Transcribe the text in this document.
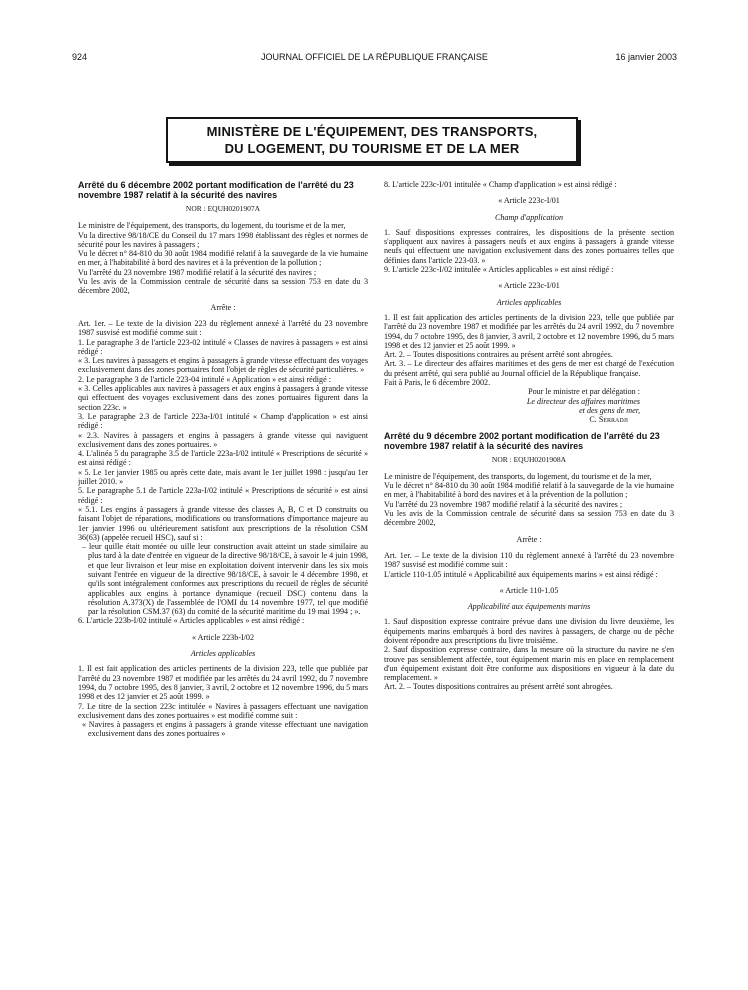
924	JOURNAL OFFICIEL DE LA RÉPUBLIQUE FRANÇAISE	16 janvier 2003
MINISTÈRE DE L'ÉQUIPEMENT, DES TRANSPORTS,
DU LOGEMENT, DU TOURISME ET DE LA MER
Arrêté du 6 décembre 2002 portant modification de l'arrêté du 23 novembre 1987 relatif à la sécurité des navires
NOR : EQUH0201907A
Le ministre de l'équipement, des transports, du logement, du tourisme et de la mer,
Vu la directive 98/18/CE du Conseil du 17 mars 1998 établissant des règles et normes de sécurité pour les navires à passagers ;
Vu le décret n° 84-810 du 30 août 1984 modifié relatif à la sauvegarde de la vie humaine en mer, à l'habitabilité à bord des navires et à la prévention de la pollution ;
Vu l'arrêté du 23 novembre 1987 modifié relatif à la sécurité des navires ;
Vu les avis de la Commission centrale de sécurité dans sa session 753 en date du 3 décembre 2002,
Arrête :
Art. 1er. – Le texte de la division 223 du règlement annexé à l'arrêté du 23 novembre 1987 susvisé est modifié comme suit :
1. Le paragraphe 3 de l'article 223-02 intitulé « Classes de navires à passagers » est ainsi rédigé :
« 3. Les navires à passagers et engins à passagers à grande vitesse effectuant des voyages exclusivement dans des zones portuaires font l'objet de règles de sécurité particulières. »
2. Le paragraphe 3 de l'article 223-04 intitulé « Application » est ainsi rédigé :
« 3. Celles applicables aux navires à passagers et aux engins à passagers à grande vitesse qui effectuent des voyages exclusivement dans des zones portuaires figurent dans la section 223c. »
3. Le paragraphe 2.3 de l'article 223a-I/01 intitulé « Champ d'application » est ainsi rédigé :
« 2.3. Navires à passagers et engins à passagers à grande vitesse qui naviguent exclusivement dans des zones portuaires. »
4. L'alinéa 5 du paragraphe 3.5 de l'article 223a-I/02 intitulé « Prescriptions de sécurité » est ainsi rédigé :
« 5. Le 1er janvier 1985 ou après cette date, mais avant le 1er juillet 1998 : jusqu'au 1er juillet 2010. »
5. Le paragraphe 5.1 de l'article 223a-I/02 intitulé « Prescriptions de sécurité » est ainsi rédigé :
« 5.1. Les engins à passagers à grande vitesse des classes A, B, C et D construits ou faisant l'objet de réparations, modifications ou transformations d'importance majeure au 1er janvier 1996 ou ultérieurement satisfont aux prescriptions de la résolution CSM 36(63) (appelée recueil HSC), sauf si :
– leur quille était montée ou uille leur construction avait atteint un stade similaire au plus tard à la date d'entrée en vigueur de la directive 98/18/CE, à savoir le 4 juin 1998, et que leur livraison et leur mise en exploitation doivent intervenir dans les six mois suivant l'entrée en vigueur de la directive 98/18/CE, à savoir le 4 décembre 1998, et qu'ils sont intégralement conformes aux prescriptions du recueil de règles de sécurité applicables aux engins à portance dynamique (recueil DSC) contenu dans la résolution A.373(X) de l'assemblée de l'OMI du 14 novembre 1977, tel que modifié par la résolution CSM.37 (63) du comité de la sécurité maritime du 19 mai 1994 ; ».
6. L'article 223b-I/02 intitulé « Articles applicables » est ainsi rédigé :
« Article 223b-I/02
Articles applicables
1. Il est fait application des articles pertinents de la division 223, telle que publiée par l'arrêté du 23 novembre 1987 et modifiée par les arrêtés du 24 avril 1992, du 7 novembre 1994, du 7 octobre 1995, des 8 janvier, 3 avril, 2 octobre et 12 novembre 1996, du 5 mars 1998 et des 12 janvier et 25 août 1999. »
7. Le titre de la section 223c intitulée « Navires à passagers effectuant une navigation exclusivement dans des zones portuaires » est modifié comme suit :
« Navires à passagers et engins à passagers à grande vitesse effectuant une navigation exclusivement dans des zones portuaires »
8. L'article 223c-I/01 intitulée « Champ d'application » est ainsi rédigé :
« Article 223c-I/01
Champ d'application
1. Sauf dispositions expresses contraires, les dispositions de la présente section s'appliquent aux navires à passagers neufs et aux engins à passagers à grande vitesse neufs qui effectuent une navigation exclusivement dans des zones portuaires telles que définies dans l'article 223-03. »
9. L'article 223c-I/02 intitulée « Articles applicables » est ainsi rédigé :
« Article 223c-I/01
Articles applicables
1. Il est fait application des articles pertinents de la division 223, telle que publiée par l'arrêté du 23 novembre 1987 et modifiée par les arrêtés du 24 avril 1992, du 7 novembre 1994, du 7 octobre 1995, des 8 janvier, 3 avril, 2 octobre et 12 novembre 1996, du 5 mars 1998 et des 12 janvier et 25 août 1999. »
Art. 2. – Toutes dispositions contraires au présent arrêté sont abrogées.
Art. 3. – Le directeur des affaires maritimes et des gens de mer est chargé de l'exécution du présent arrêté, qui sera publié au Journal officiel de la République française.
Fait à Paris, le 6 décembre 2002.
Pour le ministre et par délégation :
Le directeur des affaires maritimes
et des gens de mer,
C. Serradji
Arrêté du 9 décembre 2002 portant modification de l'arrêté du 23 novembre 1987 relatif à la sécurité des navires
NOR : EQUH0201908A
Le ministre de l'équipement, des transports, du logement, du tourisme et de la mer,
Vu le décret n° 84-810 du 30 août 1984 modifié relatif à la sauvegarde de la vie humaine en mer, à l'habitabilité à bord des navires et à la prévention de la pollution ;
Vu l'arrêté du 23 novembre 1987 modifié relatif à la sécurité des navires ;
Vu les avis de la Commission centrale de sécurité dans sa session 753 en date du 3 décembre 2002,
Arrête :
Art. 1er. – Le texte de la division 110 du règlement annexé à l'arrêté du 23 novembre 1987 susvisé est modifié comme suit :
L'article 110-1.05 intitulé « Applicabilité aux équipements marins » est ainsi rédigé :
« Article 110-1.05
Applicabilité aux équipements marins
1. Sauf disposition expresse contraire prévue dans une division du livre deuxième, les équipements marins embarqués à bord des navires à passagers, de charge ou de pêche doivent répondre aux prescriptions du livre troisième.
2. Sauf disposition expresse contraire, dans la mesure où la structure du navire ne s'en trouve pas sensiblement affectée, tout équipement marin mis en place en remplacement d'un équipement existant doit être conforme aux dispositions en vigueur à la date du remplacement. »
Art. 2. – Toutes dispositions contraires au présent arrêté sont abrogées.
